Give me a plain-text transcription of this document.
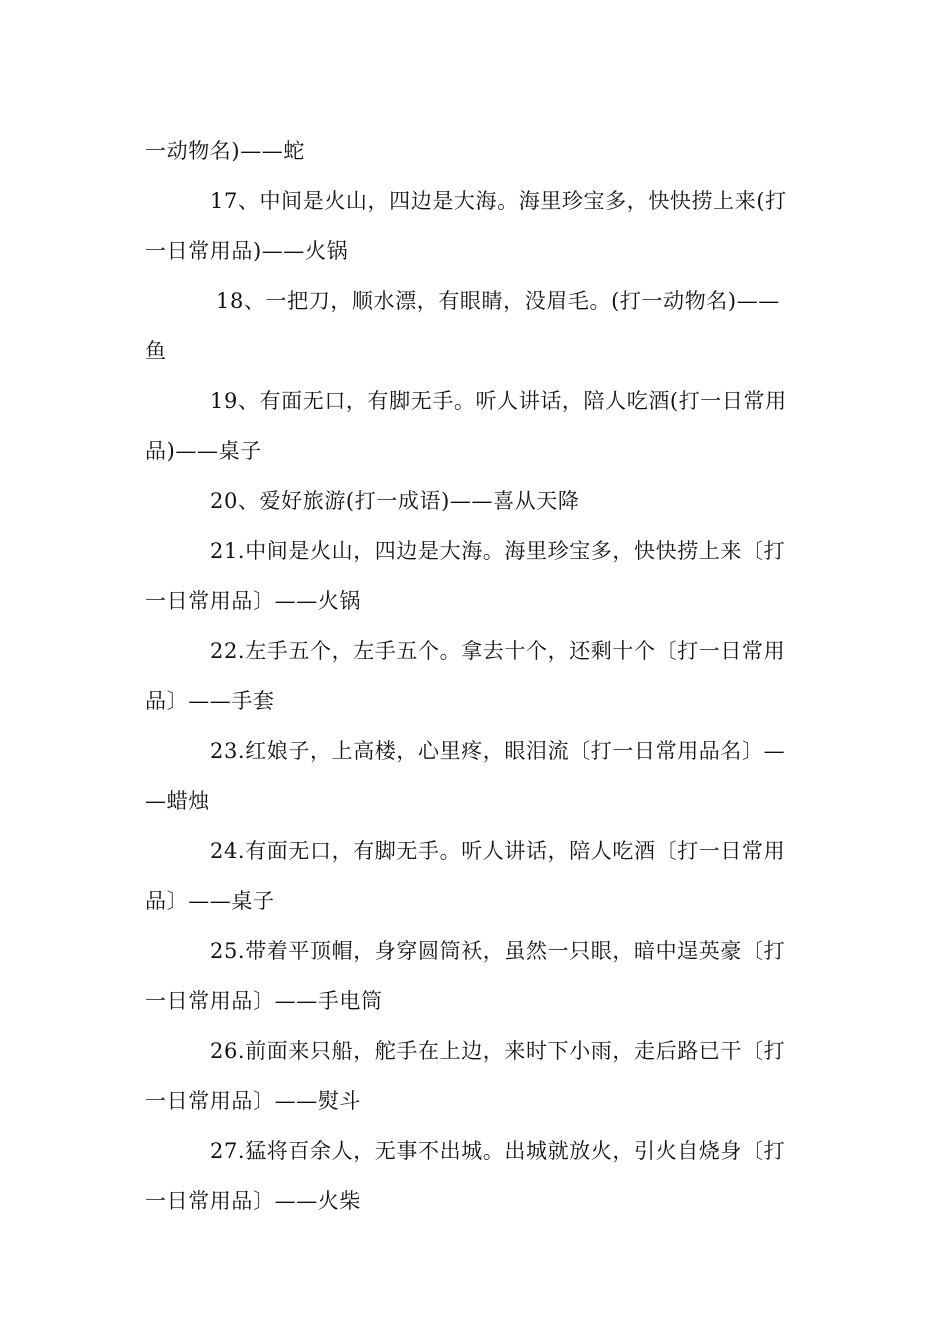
一动物名)——蛇
17、中间是火山，四边是大海。海里珍宝多，快快捞上来(打
一日常用品)——火锅
18、一把刀，顺水漂，有眼睛，没眉毛。(打一动物名)——
鱼
19、有面无口，有脚无手。听人讲话，陪人吃酒(打一日常用
品)——桌子
20、爱好旅游(打一成语)——喜从天降
21.中间是火山，四边是大海。海里珍宝多，快快捞上来〔打
一日常用品〕——火锅
22.左手五个，左手五个。拿去十个，还剩十个〔打一日常用
品〕——手套
23.红娘子，上高楼，心里疼，眼泪流〔打一日常用品名〕—
—蜡烛
24.有面无口，有脚无手。听人讲话，陪人吃酒〔打一日常用
品〕——桌子
25.带着平顶帽，身穿圆筒袄，虽然一只眼，暗中逞英豪〔打
一日常用品〕——手电筒
26.前面来只船，舵手在上边，来时下小雨，走后路已干〔打
一日常用品〕——熨斗
27.猛将百余人，无事不出城。出城就放火，引火自烧身〔打
一日常用品〕——火柴
